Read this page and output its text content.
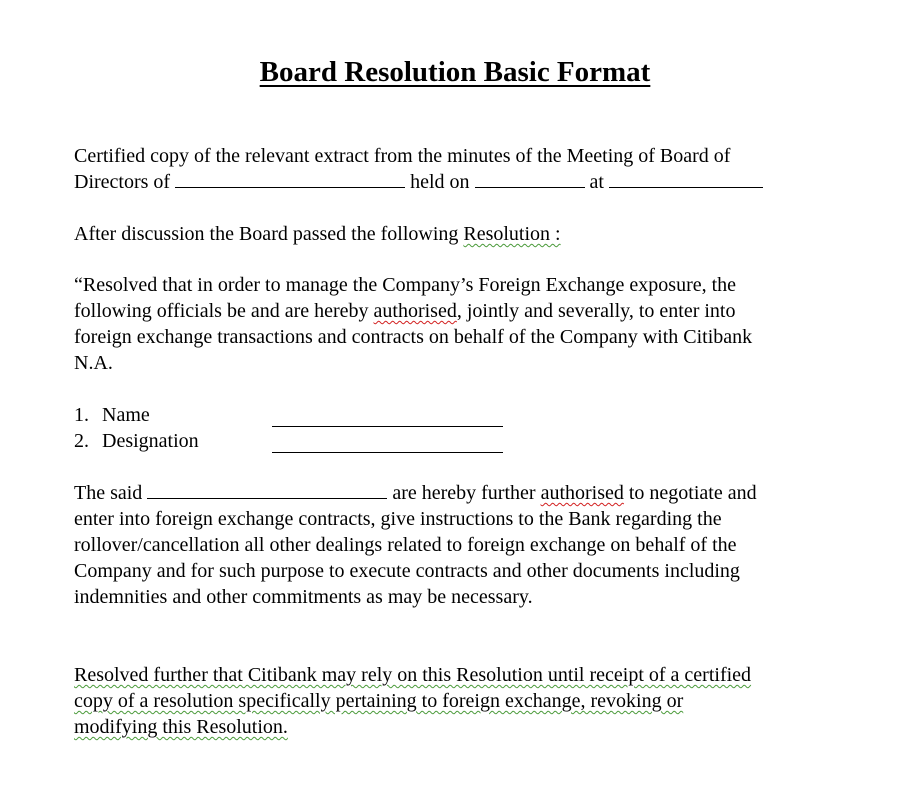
Board Resolution Basic Format
Certified copy of the relevant extract from the minutes of the Meeting of Board of
Directors of	held on	at
After discussion the Board passed the following Resolution :
“Resolved that in order to manage the Company’s Foreign Exchange exposure, the
following officials be and are hereby authorised, jointly and severally, to enter into
foreign exchange transactions and contracts on behalf of the Company with Citibank
N.A.
1. Name
2. Designation
The said	are hereby further authorised to negotiate and
enter into foreign exchange contracts, give instructions to the Bank regarding the
rollover/cancellation all other dealings related to foreign exchange on behalf of the
Company and for such purpose to execute contracts and other documents including
indemnities and other commitments as may be necessary.
Resolved further that Citibank may rely on this Resolution until receipt of a certified
copy of a resolution specifically pertaining to foreign exchange, revoking or
modifying this Resolution.
